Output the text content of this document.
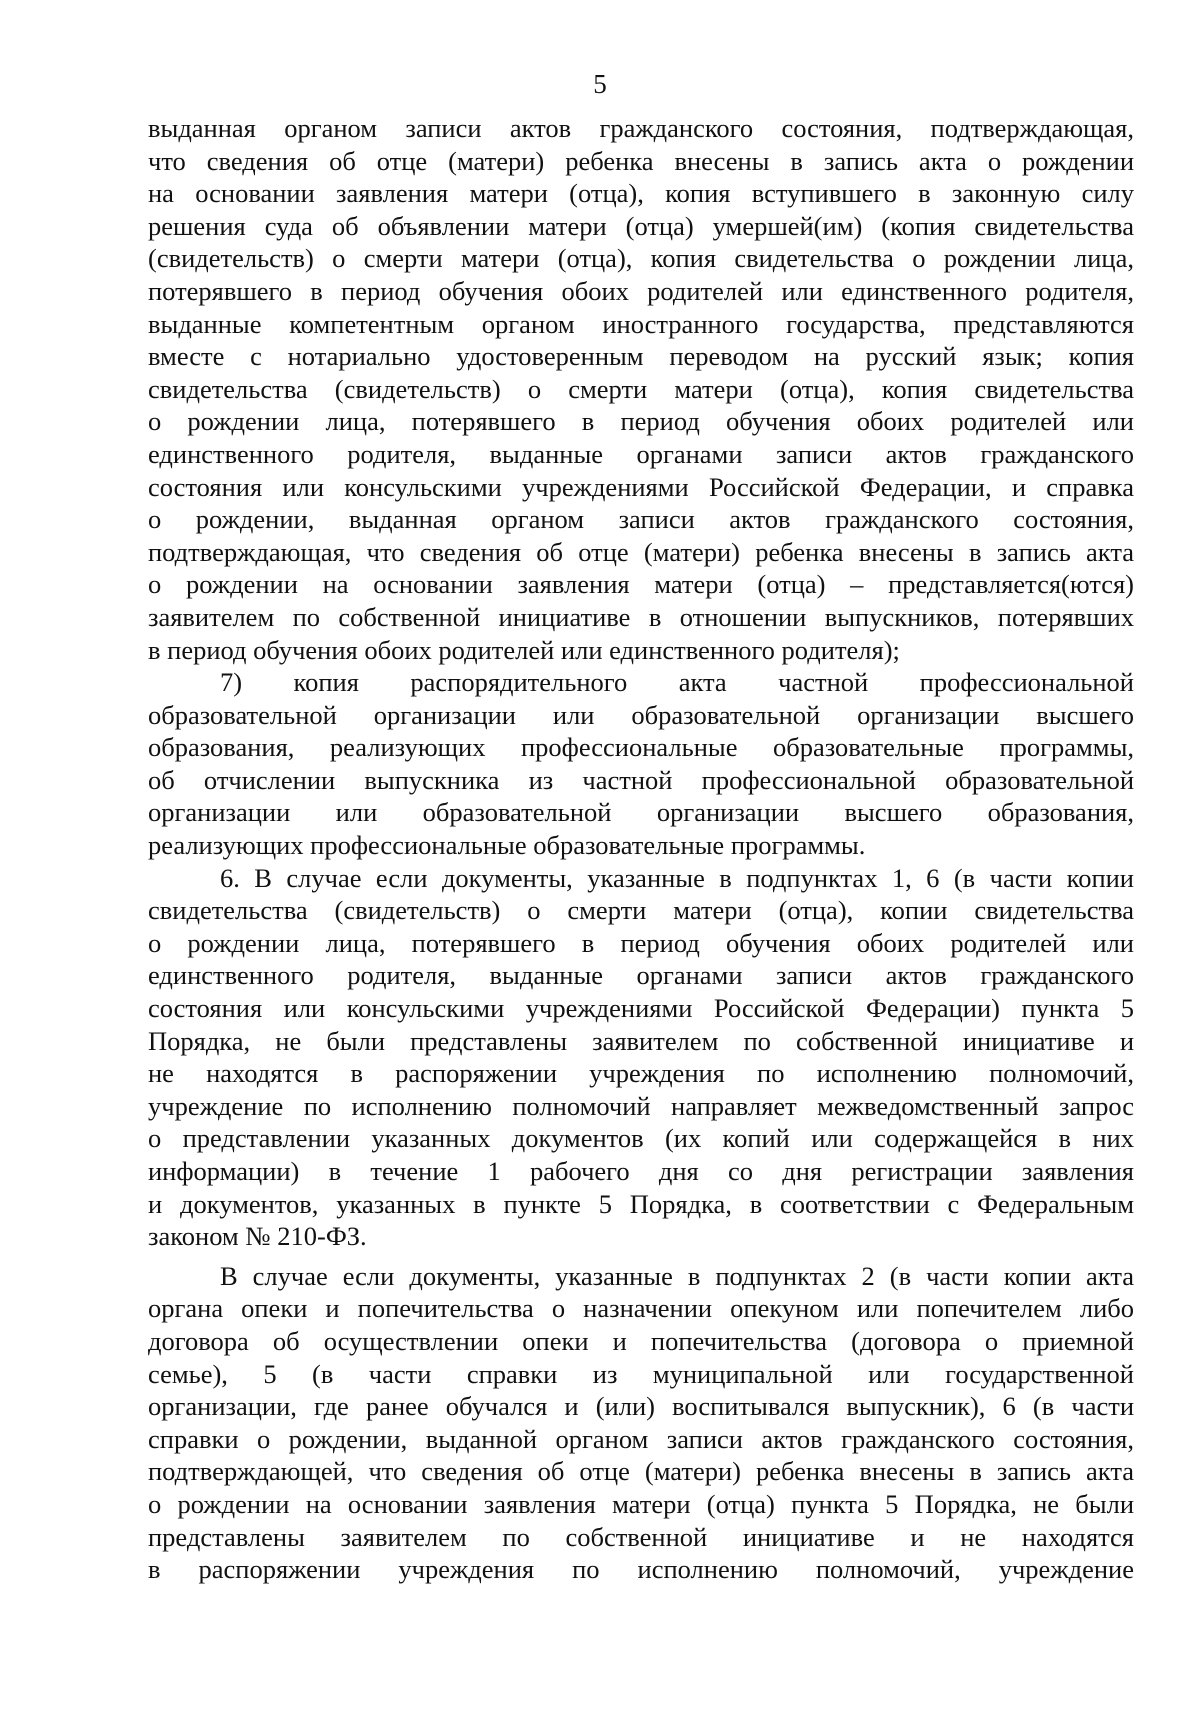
5
выданная органом записи актов гражданского состояния, подтверждающая,
что сведения об отце (матери) ребенка внесены в запись акта о рождении
на основании заявления матери (отца), копия вступившего в законную силу
решения суда об объявлении матери (отца) умершей(им) (копия свидетельства
(свидетельств) о смерти матери (отца), копия свидетельства о рождении лица,
потерявшего в период обучения обоих родителей или единственного родителя,
выданные компетентным органом иностранного государства, представляются
вместе с нотариально удостоверенным переводом на русский язык; копия
свидетельства (свидетельств) о смерти матери (отца), копия свидетельства
о рождении лица, потерявшего в период обучения обоих родителей или
единственного родителя, выданные органами записи актов гражданского
состояния или консульскими учреждениями Российской Федерации, и справка
о рождении, выданная органом записи актов гражданского состояния,
подтверждающая, что сведения об отце (матери) ребенка внесены в запись акта
о рождении на основании заявления матери (отца) – представляется(ются)
заявителем по собственной инициативе в отношении выпускников, потерявших
в период обучения обоих родителей или единственного родителя);
7) копия распорядительного акта частной профессиональной
образовательной организации или образовательной организации высшего
образования, реализующих профессиональные образовательные программы,
об отчислении выпускника из частной профессиональной образовательной
организации или образовательной организации высшего образования,
реализующих профессиональные образовательные программы.
6. В случае если документы, указанные в подпунктах 1, 6 (в части копии
свидетельства (свидетельств) о смерти матери (отца), копии свидетельства
о рождении лица, потерявшего в период обучения обоих родителей или
единственного родителя, выданные органами записи актов гражданского
состояния или консульскими учреждениями Российской Федерации) пункта 5
Порядка, не были представлены заявителем по собственной инициативе и
не находятся в распоряжении учреждения по исполнению полномочий,
учреждение по исполнению полномочий направляет межведомственный запрос
о представлении указанных документов (их копий или содержащейся в них
информации) в течение 1 рабочего дня со дня регистрации заявления
и документов, указанных в пункте 5 Порядка, в соответствии с Федеральным
законом № 210-ФЗ.
В случае если документы, указанные в подпунктах 2 (в части копии акта
органа опеки и попечительства о назначении опекуном или попечителем либо
договора об осуществлении опеки и попечительства (договора о приемной
семье), 5 (в части справки из муниципальной или государственной
организации, где ранее обучался и (или) воспитывался выпускник), 6 (в части
справки о рождении, выданной органом записи актов гражданского состояния,
подтверждающей, что сведения об отце (матери) ребенка внесены в запись акта
о рождении на основании заявления матери (отца) пункта 5 Порядка, не были
представлены заявителем по собственной инициативе и не находятся
в распоряжении учреждения по исполнению полномочий, учреждение
